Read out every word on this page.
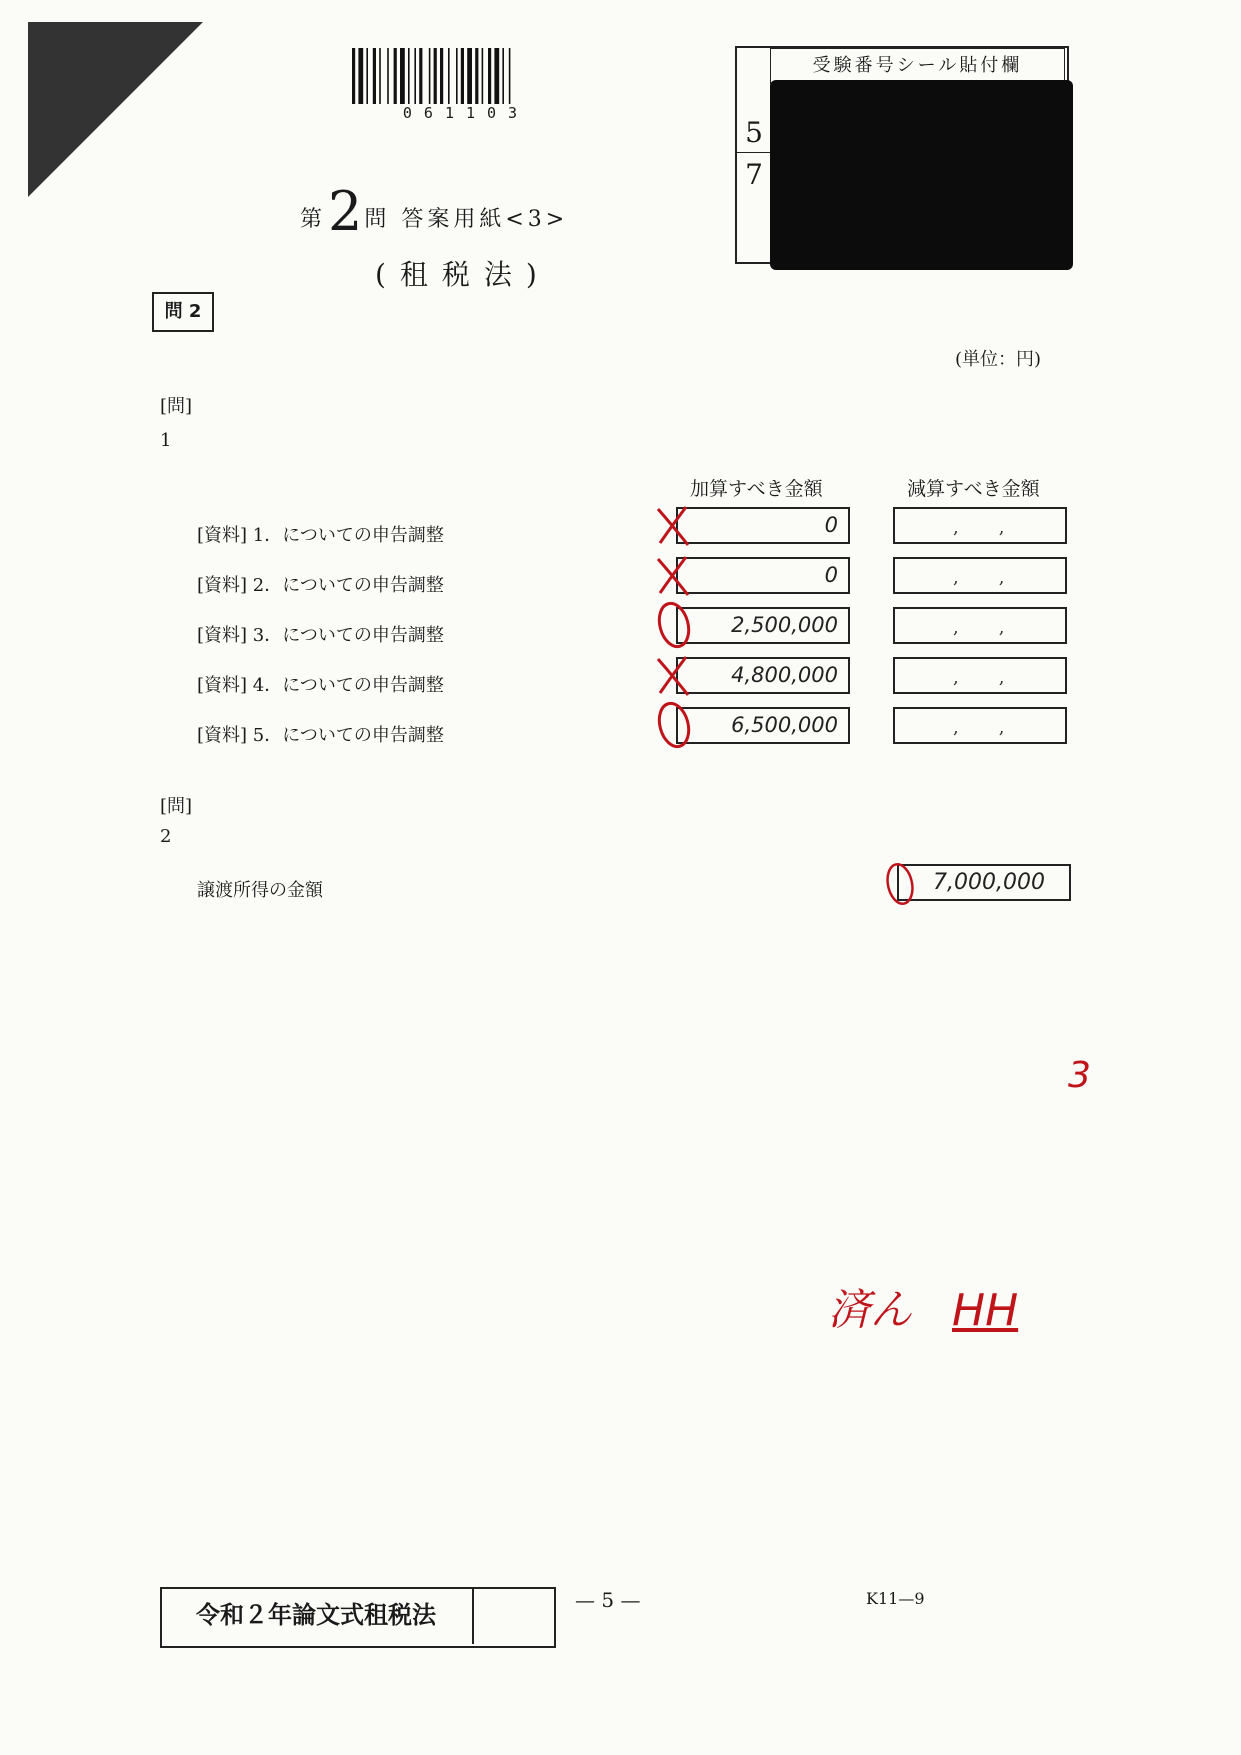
061103
受験番号シール貼付欄
5
7
第2問 答案用紙<3>
(租税法)
問 2
(単位：円)
[問]
1
加算すべき金額	減算すべき金額
[資料] 1．についての申告調整	0	,,
[資料] 2．についての申告調整	0	,,
[資料] 3．についての申告調整	2,500,000	,,
[資料] 4．についての申告調整	4,800,000	,,
[資料] 5．についての申告調整	6,500,000	,,
[問]
2
譲渡所得の金額	7,000,000
3
済ん HH
令和２年論文式租税法
— 5 —	K11—9
